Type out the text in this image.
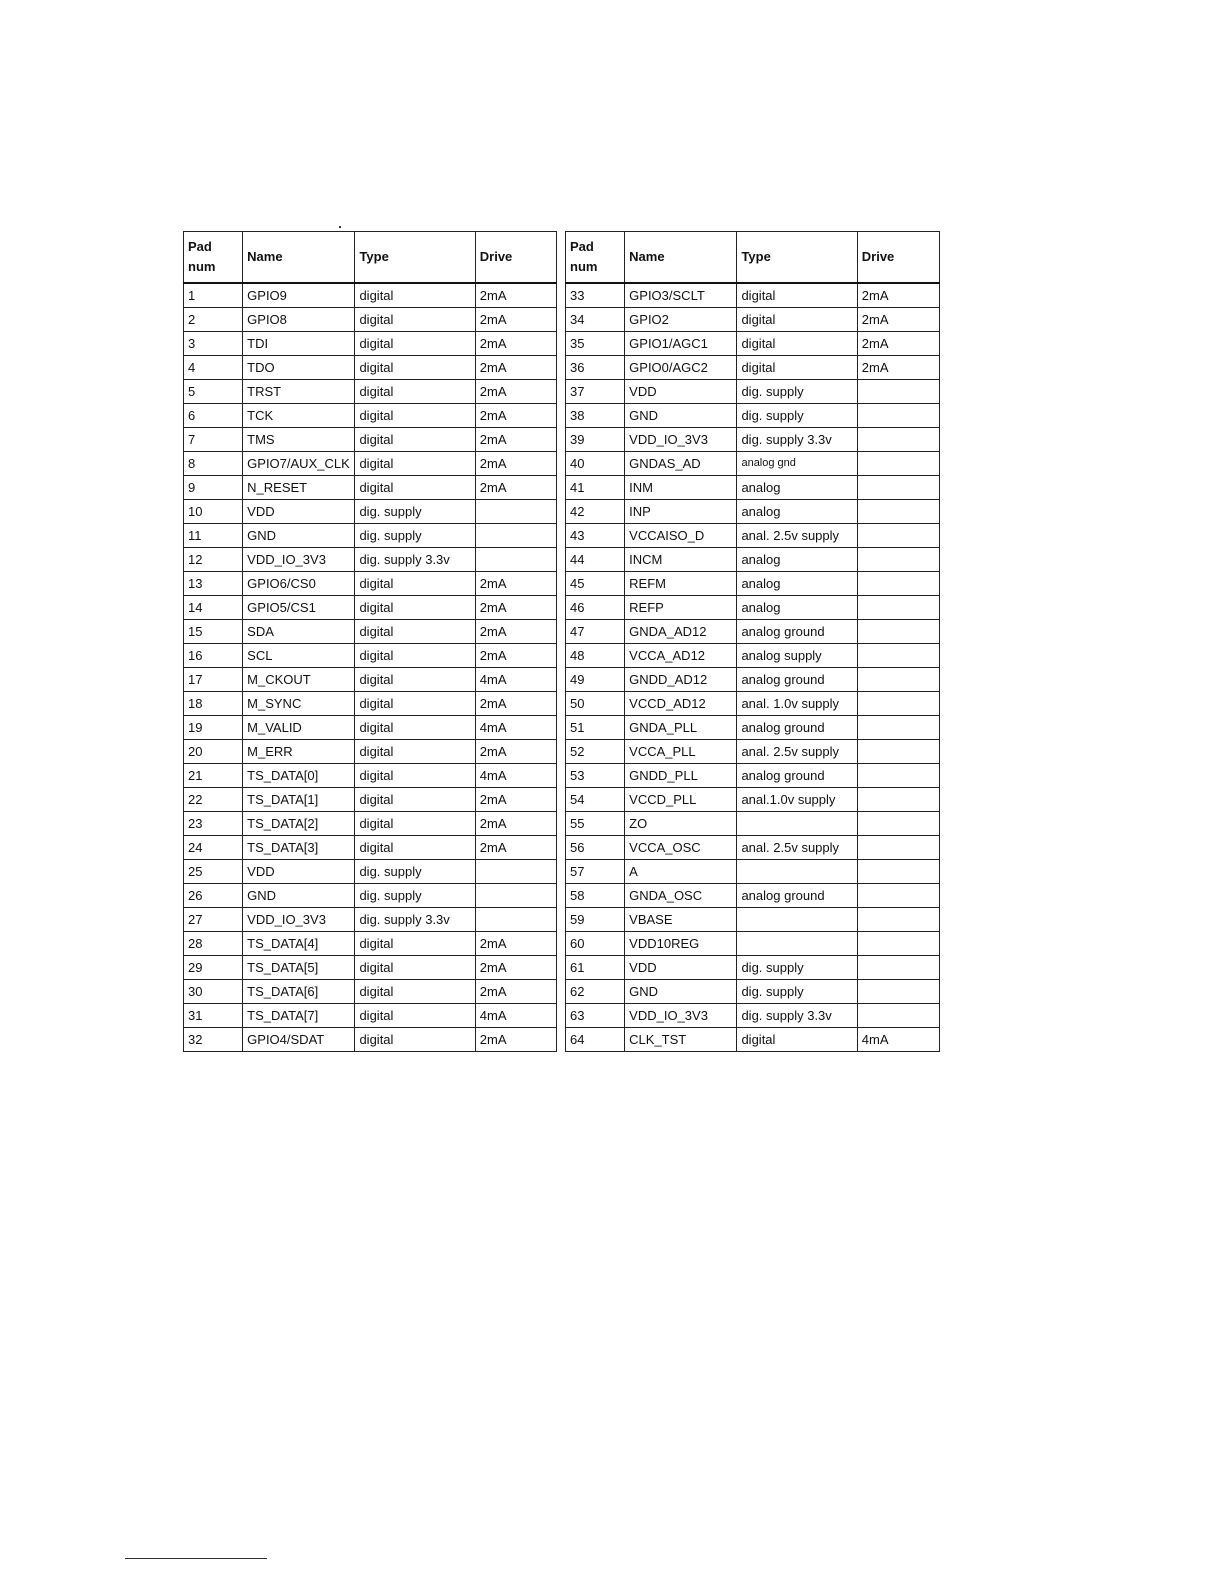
Pad
num	Name	Type	Drive
1	GPIO9	digital	2mA
2	GPIO8	digital	2mA
3	TDI	digital	2mA
4	TDO	digital	2mA
5	TRST	digital	2mA
6	TCK	digital	2mA
7	TMS	digital	2mA
8	GPIO7/AUX_CLK	digital	2mA
9	N_RESET	digital	2mA
10	VDD	dig. supply	
11	GND	dig. supply	
12	VDD_IO_3V3	dig. supply 3.3v	
13	GPIO6/CS0	digital	2mA
14	GPIO5/CS1	digital	2mA
15	SDA	digital	2mA
16	SCL	digital	2mA
17	M_CKOUT	digital	4mA
18	M_SYNC	digital	2mA
19	M_VALID	digital	4mA
20	M_ERR	digital	2mA
21	TS_DATA[0]	digital	4mA
22	TS_DATA[1]	digital	2mA
23	TS_DATA[2]	digital	2mA
24	TS_DATA[3]	digital	2mA
25	VDD	dig. supply	
26	GND	dig. supply	
27	VDD_IO_3V3	dig. supply 3.3v	
28	TS_DATA[4]	digital	2mA
29	TS_DATA[5]	digital	2mA
30	TS_DATA[6]	digital	2mA
31	TS_DATA[7]	digital	4mA
32	GPIO4/SDAT	digital	2mA
Pad
num	Name	Type	Drive
33	GPIO3/SCLT	digital	2mA
34	GPIO2	digital	2mA
35	GPIO1/AGC1	digital	2mA
36	GPIO0/AGC2	digital	2mA
37	VDD	dig. supply	
38	GND	dig. supply	
39	VDD_IO_3V3	dig. supply 3.3v	
40	GNDAS_AD	analog gnd	
41	INM	analog	
42	INP	analog	
43	VCCAISO_D	anal. 2.5v supply	
44	INCM	analog	
45	REFM	analog	
46	REFP	analog	
47	GNDA_AD12	analog ground	
48	VCCA_AD12	analog supply	
49	GNDD_AD12	analog ground	
50	VCCD_AD12	anal. 1.0v supply	
51	GNDA_PLL	analog ground	
52	VCCA_PLL	anal. 2.5v supply	
53	GNDD_PLL	analog ground	
54	VCCD_PLL	anal.1.0v supply	
55	ZO		
56	VCCA_OSC	anal. 2.5v supply	
57	A		
58	GNDA_OSC	analog ground	
59	VBASE		
60	VDD10REG		
61	VDD	dig. supply	
62	GND	dig. supply	
63	VDD_IO_3V3	dig. supply 3.3v	
64	CLK_TST	digital	4mA
